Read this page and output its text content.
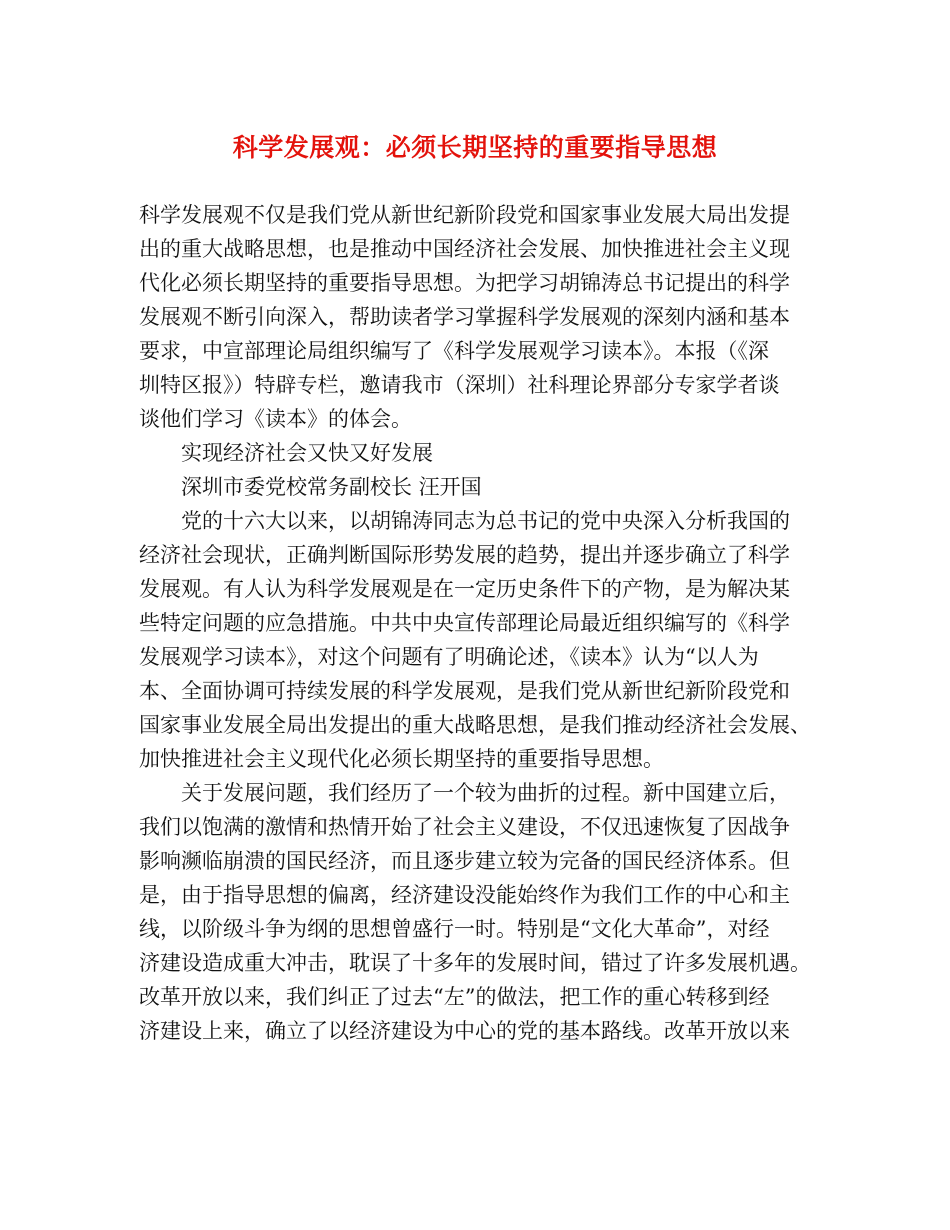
科学发展观：必须长期坚持的重要指导思想
科学发展观不仅是我们党从新世纪新阶段党和国家事业发展大局出发提
出的重大战略思想，也是推动中国经济社会发展、加快推进社会主义现
代化必须长期坚持的重要指导思想。为把学习胡锦涛总书记提出的科学
发展观不断引向深入，帮助读者学习掌握科学发展观的深刻内涵和基本
要求，中宣部理论局组织编写了《科学发展观学习读本》。本报（《深
圳特区报》）特辟专栏，邀请我市（深圳）社科理论界部分专家学者谈
谈他们学习《读本》的体会。
实现经济社会又快又好发展
深圳市委党校常务副校长 汪开国
党的十六大以来，以胡锦涛同志为总书记的党中央深入分析我国的
经济社会现状，正确判断国际形势发展的趋势，提出并逐步确立了科学
发展观。有人认为科学发展观是在一定历史条件下的产物，是为解决某
些特定问题的应急措施。中共中央宣传部理论局最近组织编写的《科学
发展观学习读本》，对这个问题有了明确论述，《读本》认为“以人为
本、全面协调可持续发展的科学发展观，是我们党从新世纪新阶段党和
国家事业发展全局出发提出的重大战略思想，是我们推动经济社会发展、
加快推进社会主义现代化必须长期坚持的重要指导思想。
关于发展问题，我们经历了一个较为曲折的过程。新中国建立后，
我们以饱满的激情和热情开始了社会主义建设，不仅迅速恢复了因战争
影响濒临崩溃的国民经济，而且逐步建立较为完备的国民经济体系。但
是，由于指导思想的偏离，经济建设没能始终作为我们工作的中心和主
线，以阶级斗争为纲的思想曾盛行一时。特别是“文化大革命”，对经
济建设造成重大冲击，耽误了十多年的发展时间，错过了许多发展机遇。
改革开放以来，我们纠正了过去“左”的做法，把工作的重心转移到经
济建设上来，确立了以经济建设为中心的党的基本路线。改革开放以来
